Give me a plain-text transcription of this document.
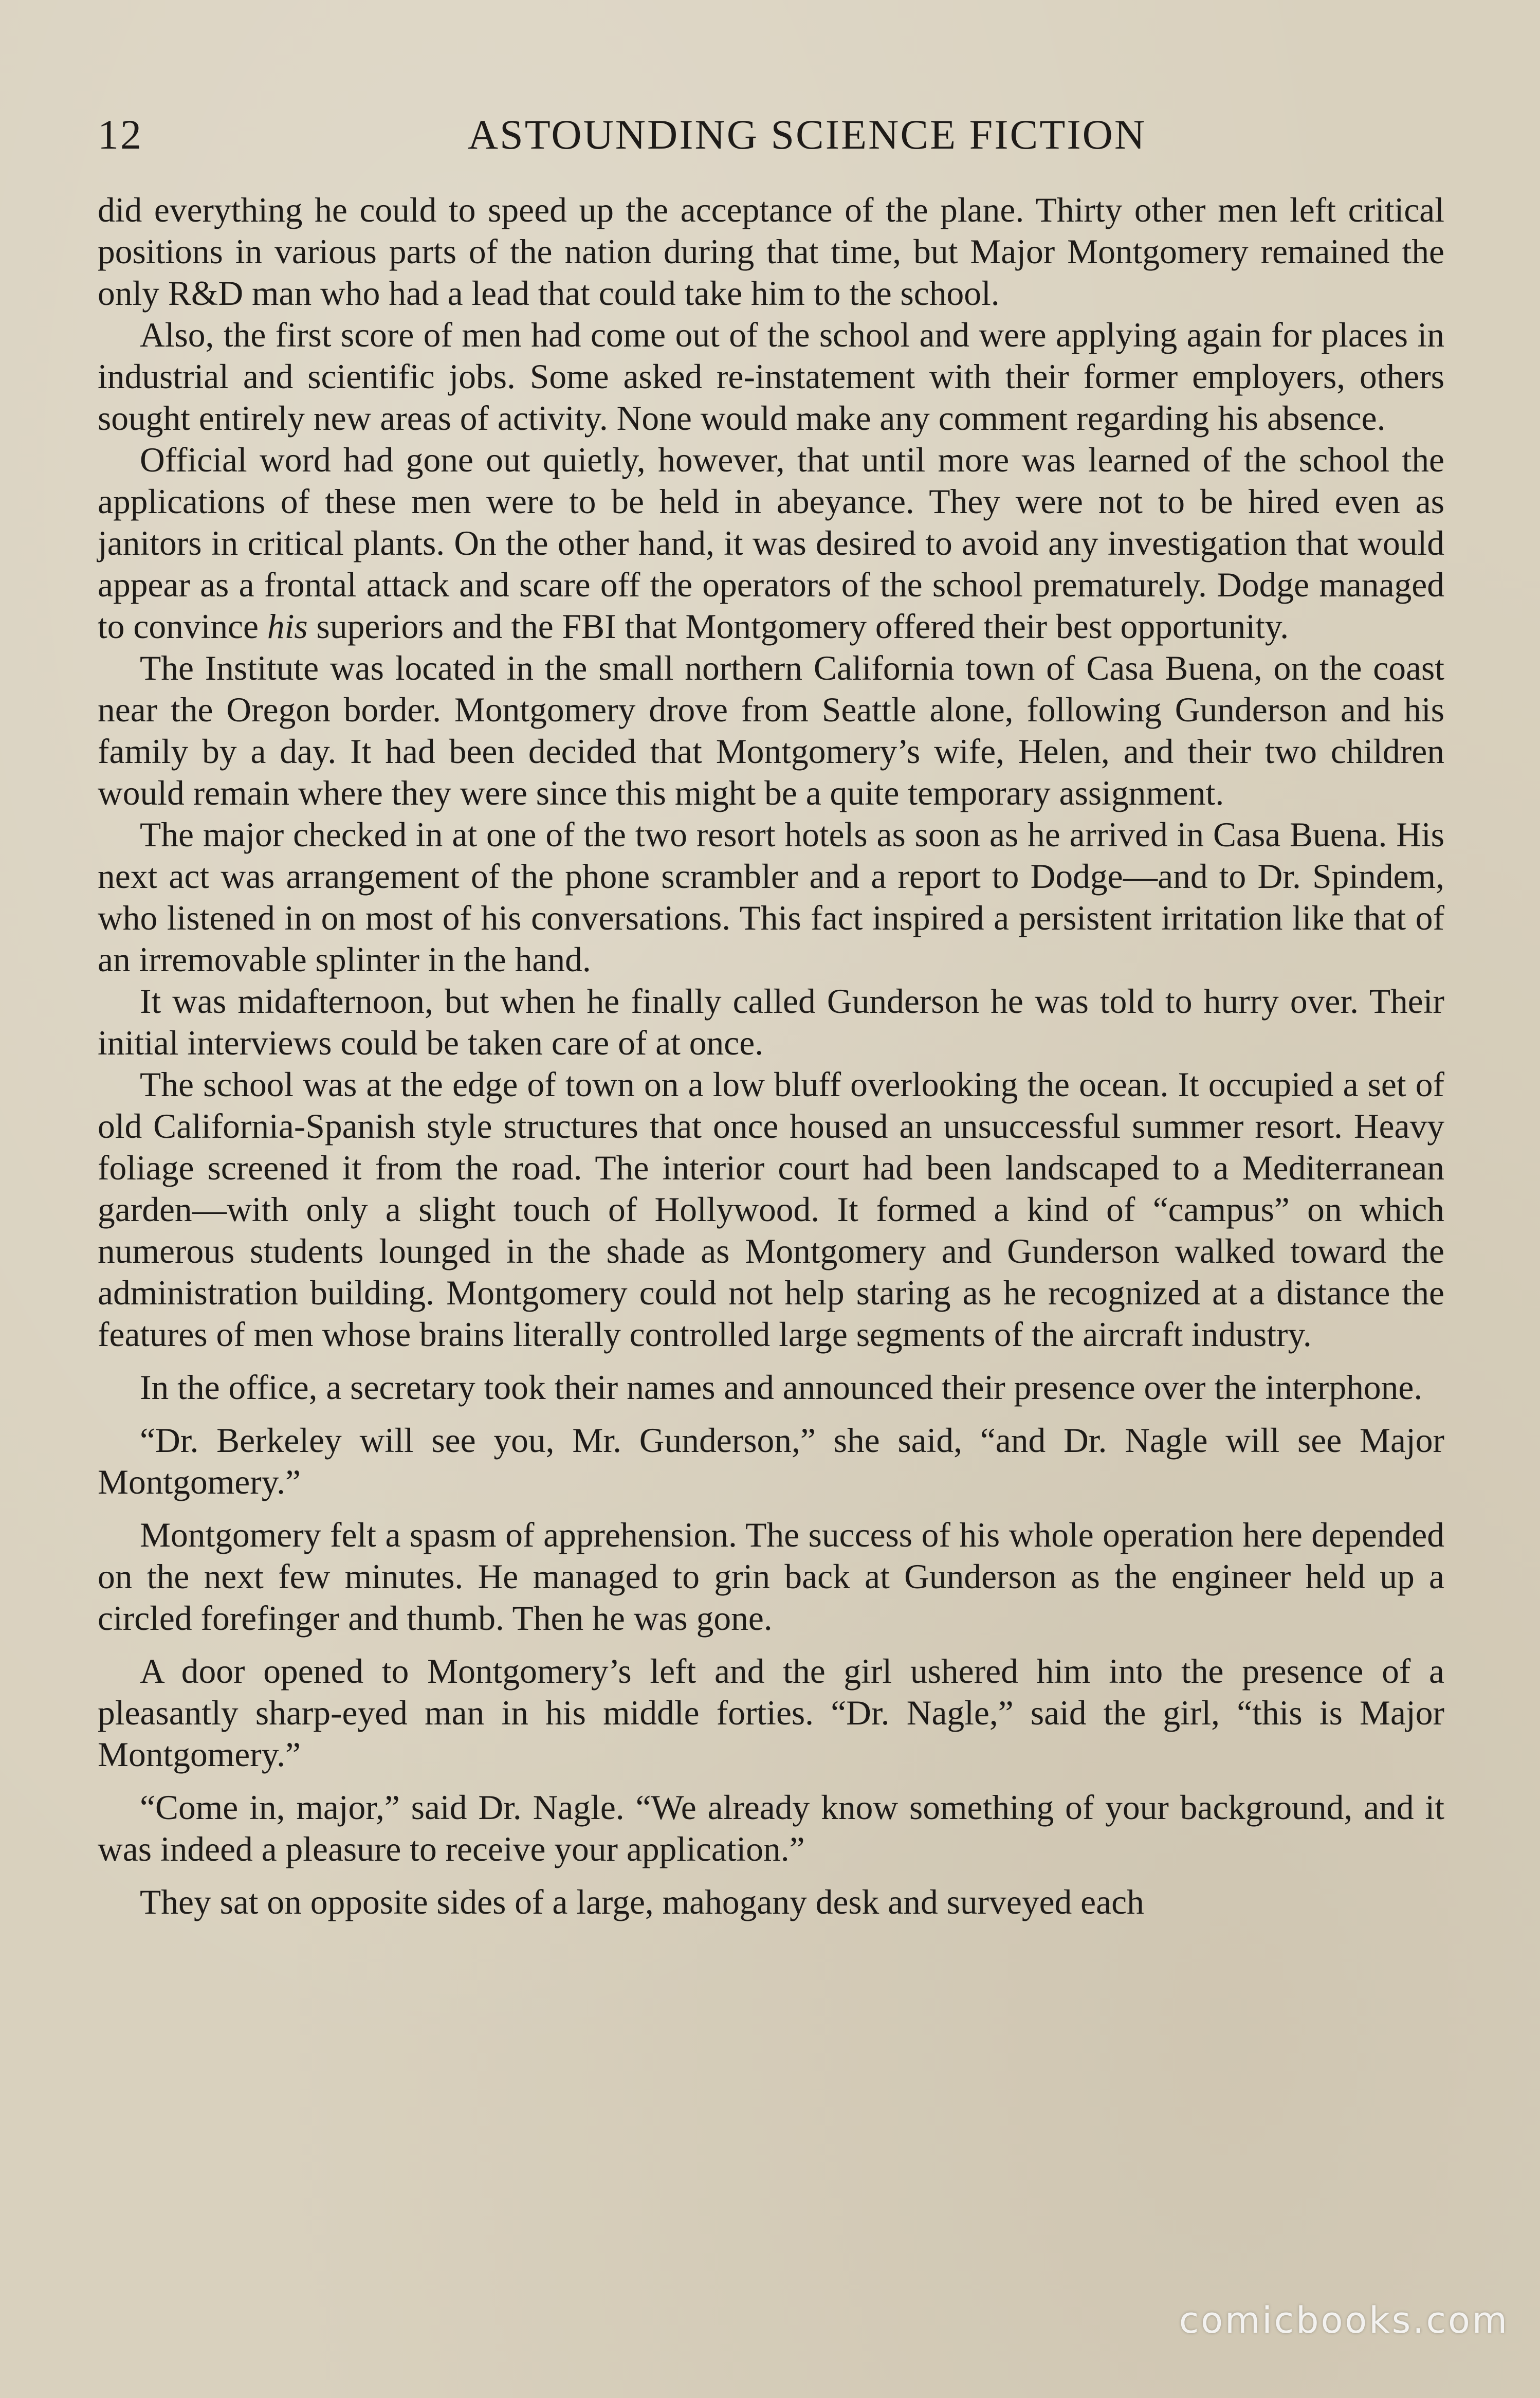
12	ASTOUNDING SCIENCE FICTION

did everything he could to speed up the acceptance of the plane. Thirty other men left critical positions in various parts of the nation during that time, but Major Montgomery remained the only R&D man who had a lead that could take him to the school.

Also, the first score of men had come out of the school and were applying again for places in industrial and scientific jobs. Some asked re-instatement with their former employers, others sought entirely new areas of activity. None would make any comment regarding his absence.

Official word had gone out quietly, however, that until more was learned of the school the applications of these men were to be held in abeyance. They were not to be hired even as janitors in critical plants. On the other hand, it was desired to avoid any investigation that would appear as a frontal attack and scare off the operators of the school prematurely. Dodge managed to convince his superiors and the FBI that Montgomery offered their best opportunity.

The Institute was located in the small northern California town of Casa Buena, on the coast near the Oregon border. Montgomery drove from Seattle alone, following Gunderson and his family by a day. It had been decided that Montgomery’s wife, Helen, and their two children would remain where they were since this might be a quite temporary assignment.

The major checked in at one of the two resort hotels as soon as he arrived in Casa Buena. His next act was arrangement of the phone scrambler and a report to Dodge—and to Dr. Spindem, who listened in on most of his conversations. This fact inspired a persistent irritation like that of an irremovable splinter in the hand.

It was midafternoon, but when he finally called Gunderson he was told to hurry over. Their initial interviews could be taken care of at once.

The school was at the edge of town on a low bluff overlooking the ocean. It occupied a set of old California-Spanish style structures that once housed an unsuccessful summer resort. Heavy foliage screened it from the road. The interior court had been landscaped to a Mediterranean garden—with only a slight touch of Hollywood. It formed a kind of “campus” on which numerous students lounged in the shade as Montgomery and Gunderson walked toward the administration building. Montgomery could not help staring as he recognized at a distance the features of men whose brains literally controlled large segments of the aircraft industry.

In the office, a secretary took their names and announced their presence over the interphone.

“Dr. Berkeley will see you, Mr. Gunderson,” she said, “and Dr. Nagle will see Major Montgomery.”

Montgomery felt a spasm of apprehension. The success of his whole operation here depended on the next few minutes. He managed to grin back at Gunderson as the engineer held up a circled forefinger and thumb. Then he was gone.

A door opened to Montgomery’s left and the girl ushered him into the presence of a pleasantly sharp-eyed man in his middle forties. “Dr. Nagle,” said the girl, “this is Major Montgomery.”

“Come in, major,” said Dr. Nagle. “We already know something of your background, and it was indeed a pleasure to receive your application.”

They sat on opposite sides of a large, mahogany desk and surveyed each

comicbooks.com
